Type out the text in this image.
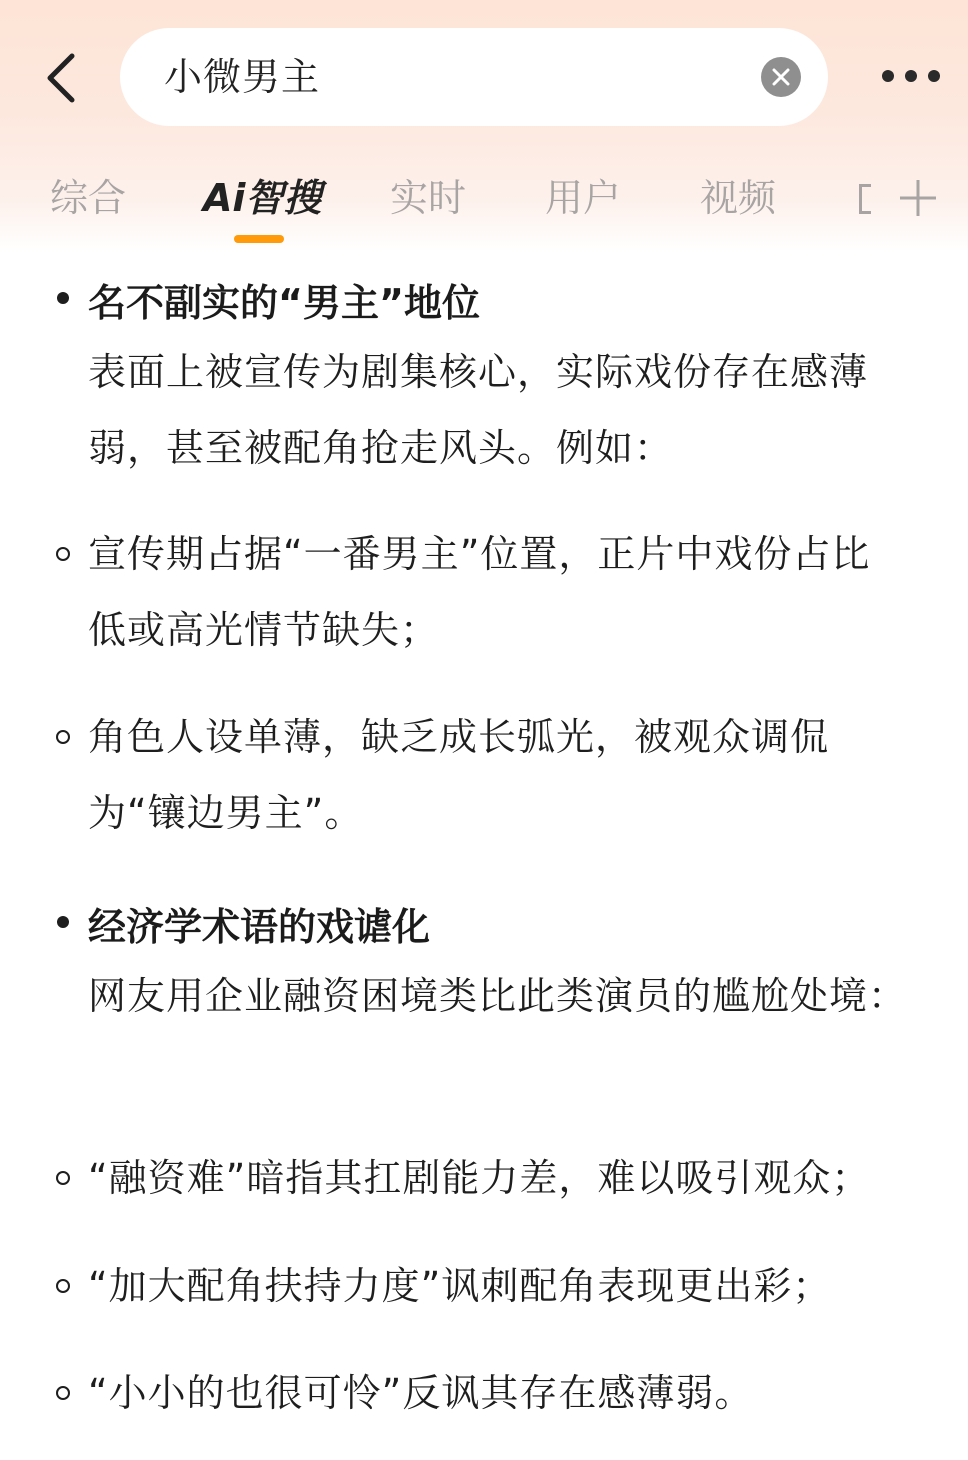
小微男主
综合 Ai智搜 实时 用户 视频
名不副实的“男主”地位
表面上被宣传为剧集核心，实际戏份存在感薄弱，甚至被配角抢走风头。例如：
宣传期占据“一番男主”位置，正片中戏份占比低或高光情节缺失；
角色人设单薄，缺乏成长弧光，被观众调侃为“镶边男主”。
经济学术语的戏谑化
网友用企业融资困境类比此类演员的尴尬处境：
“融资难”暗指其扛剧能力差，难以吸引观众；
“加大配角扶持力度”讽刺配角表现更出彩；
“小小的也很可怜”反讽其存在感薄弱。
